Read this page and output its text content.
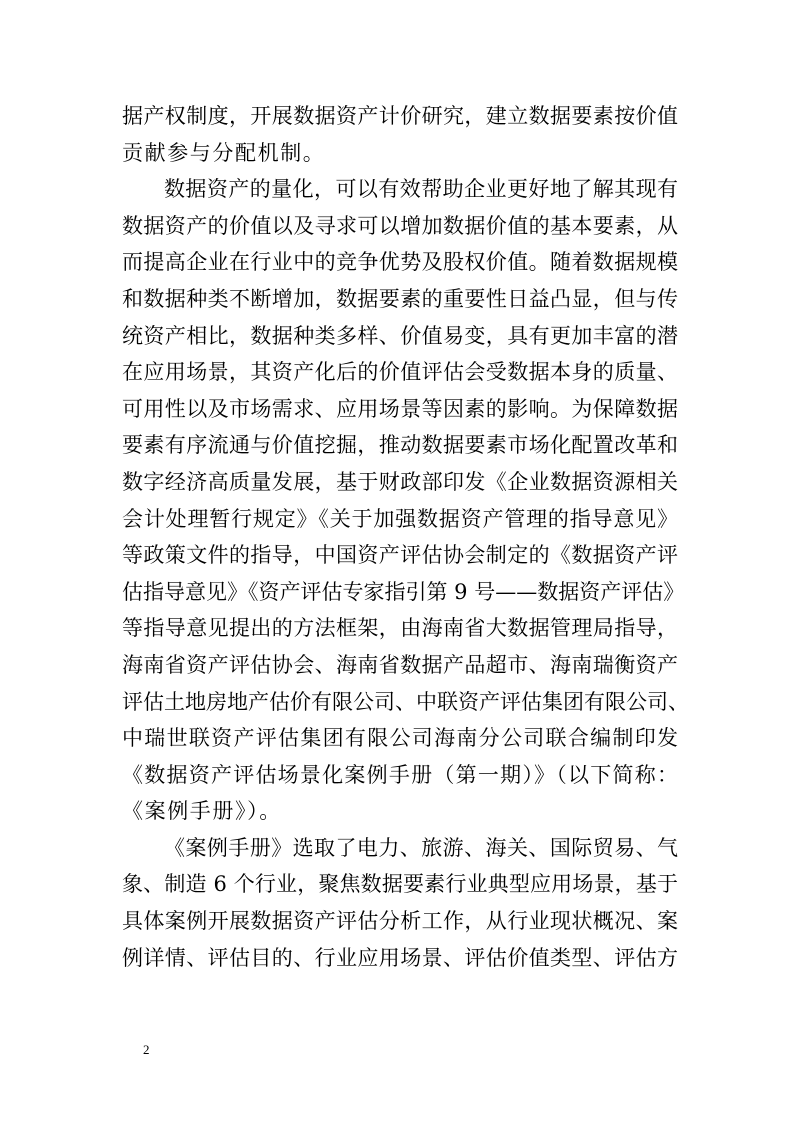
据产权制度，开展数据资产计价研究，建立数据要素按价值
贡献参与分配机制。
数据资产的量化，可以有效帮助企业更好地了解其现有
数据资产的价值以及寻求可以增加数据价值的基本要素，从
而提高企业在行业中的竞争优势及股权价值。随着数据规模
和数据种类不断增加，数据要素的重要性日益凸显，但与传
统资产相比，数据种类多样、价值易变，具有更加丰富的潜
在应用场景，其资产化后的价值评估会受数据本身的质量、
可用性以及市场需求、应用场景等因素的影响。为保障数据
要素有序流通与价值挖掘，推动数据要素市场化配置改革和
数字经济高质量发展，基于财政部印发《企业数据资源相关
会计处理暂行规定》《关于加强数据资产管理的指导意见》
等政策文件的指导，中国资产评估协会制定的《数据资产评
估指导意见》《资产评估专家指引第 9 号——数据资产评估》
等指导意见提出的方法框架，由海南省大数据管理局指导，
海南省资产评估协会、海南省数据产品超市、海南瑞衡资产
评估土地房地产估价有限公司、中联资产评估集团有限公司、
中瑞世联资产评估集团有限公司海南分公司联合编制印发
《数据资产评估场景化案例手册（第一期）》（以下简称：
《案例手册》）。
《案例手册》选取了电力、旅游、海关、国际贸易、气
象、制造 6 个行业，聚焦数据要素行业典型应用场景，基于
具体案例开展数据资产评估分析工作，从行业现状概况、案
例详情、评估目的、行业应用场景、评估价值类型、评估方
2
